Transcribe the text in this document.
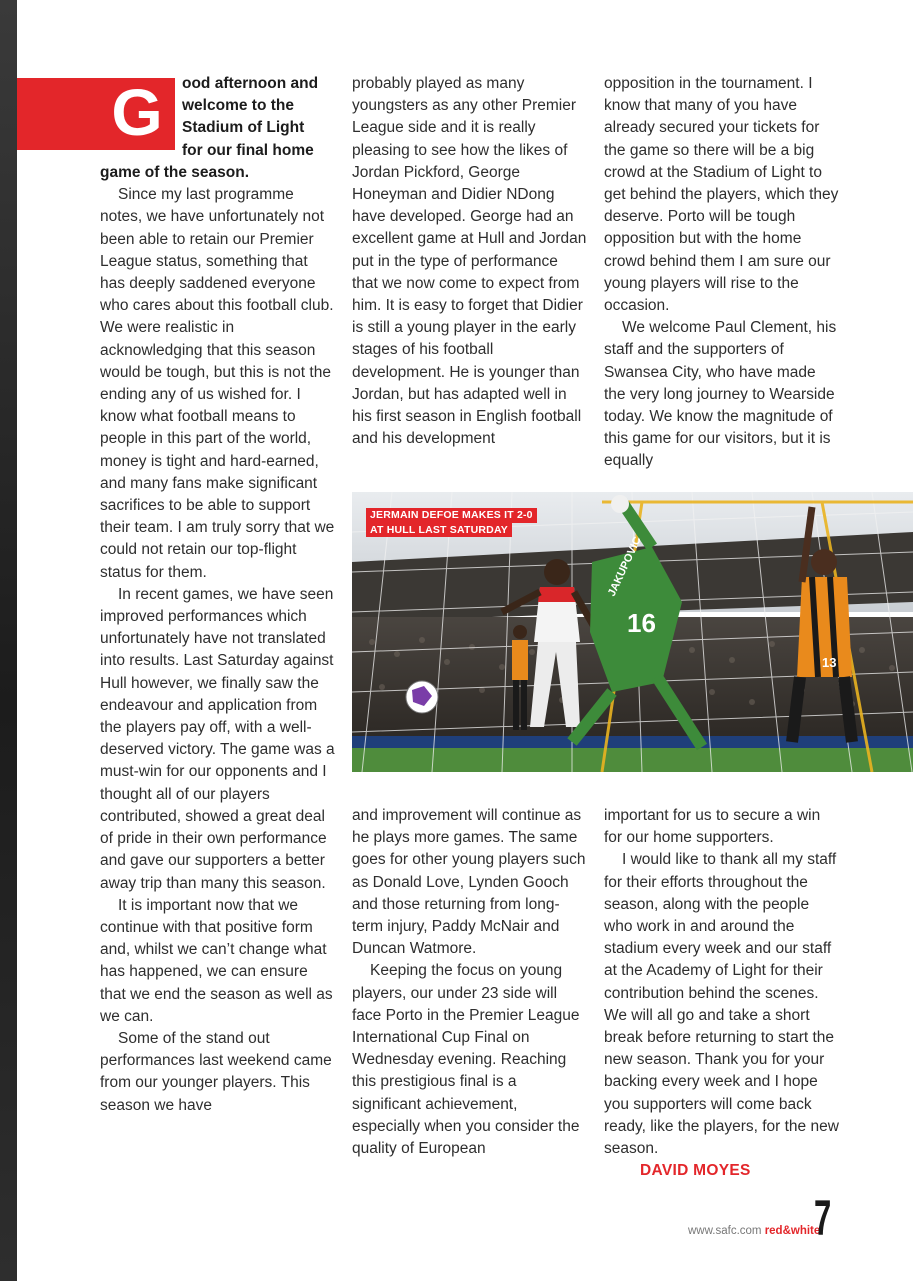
G ood afternoon and
welcome to the
Stadium of Light
for our final home

game of the season.

Since my last programme notes, we have unfortunately not been able to retain our Premier League status, something that has deeply saddened everyone who cares about this football club. We were realistic in acknowledging that this season would be tough, but this is not the ending any of us wished for. I know what football means to people in this part of the world, money is tight and hard-earned, and many fans make significant sacrifices to be able to support their team. I am truly sorry that we could not retain our top-flight status for them.

In recent games, we have seen improved performances which unfortunately have not translated into results. Last Saturday against Hull however, we finally saw the endeavour and application from the players pay off, with a well-deserved victory. The game was a must-win for our opponents and I thought all of our players contributed, showed a great deal of pride in their own performance and gave our supporters a better away trip than many this season.

It is important now that we continue with that positive form and, whilst we can’t change what has happened, we can ensure that we end the season as well as we can.

Some of the stand out performances last weekend came from our younger players. This season we have

probably played as many youngsters as any other Premier League side and it is really pleasing to see how the likes of Jordan Pickford, George Honeyman and Didier NDong have developed. George had an excellent game at Hull and Jordan put in the type of performance that we now come to expect from him. It is easy to forget that Didier is still a young player in the early stages of his football development. He is younger than Jordan, but has adapted well in his first season in English football and his development

opposition in the tournament. I know that many of you have already secured your tickets for the game so there will be a big crowd at the Stadium of Light to get behind the players, which they deserve. Porto will be tough opposition but with the home crowd behind them I am sure our young players will rise to the occasion.

We welcome Paul Clement, his staff and the supporters of Swansea City, who have made the very long journey to Wearside today. We know the magnitude of this game for our visitors, but it is equally

JERMAIN DEFOE MAKES IT 2-0
AT HULL LAST SATURDAY
JAKUPOVIC
16
13

and improvement will continue as he plays more games. The same goes for other young players such as Donald Love, Lynden Gooch and those returning from long-term injury, Paddy McNair and Duncan Watmore.

Keeping the focus on young players, our under 23 side will face Porto in the Premier League International Cup Final on Wednesday evening. Reaching this prestigious final is a significant achievement, especially when you consider the quality of European

important for us to secure a win for our home supporters.

I would like to thank all my staff for their efforts throughout the season, along with the people who work in and around the stadium every week and our staff at the Academy of Light for their contribution behind the scenes. We will all go and take a short break before returning to start the new season. Thank you for your backing every week and I hope you supporters will come back ready, like the players, for the new season.

DAVID MOYES

www.safc.com red&white
7
